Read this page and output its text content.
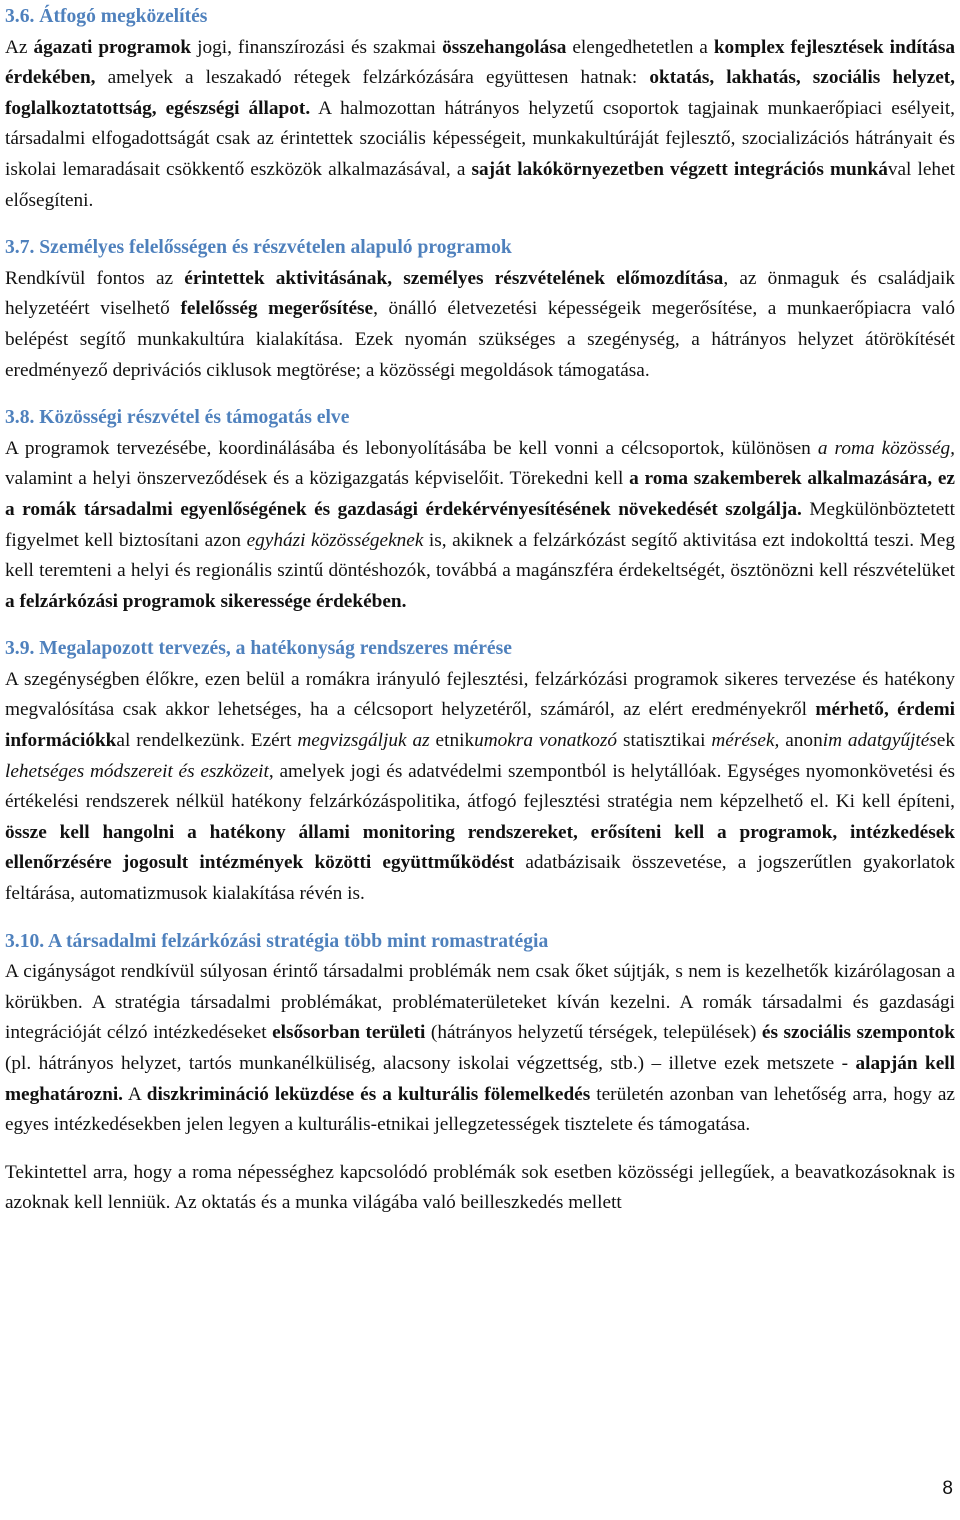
3.6. Átfogó megközelítés

Az ágazati programok jogi, finanszírozási és szakmai összehangolása elengedhetetlen a komplex fejlesztések indítása érdekében, amelyek a leszakadó rétegek felzárkózására együttesen hatnak: oktatás, lakhatás, szociális helyzet, foglalkoztatottság, egészségi állapot. A halmozottan hátrányos helyzetű csoportok tagjainak munkaerőpiaci esélyeit, társadalmi elfogadottságát csak az érintettek szociális képességeit, munkakultúráját fejlesztő, szocializációs hátrányait és iskolai lemaradásait csökkentő eszközök alkalmazásával, a saját lakókörnyezetben végzett integrációs munkával lehet elősegíteni.

3.7. Személyes felelősségen és részvételen alapuló programok

Rendkívül fontos az érintettek aktivitásának, személyes részvételének előmozdítása, az önmaguk és családjaik helyzetéért viselhető felelősség megerősítése, önálló életvezetési képességeik megerősítése, a munkaerőpiacra való belépést segítő munkakultúra kialakítása. Ezek nyomán szükséges a szegénység, a hátrányos helyzet átörökítését eredményező deprivációs ciklusok megtörése; a közösségi megoldások támogatása.

3.8. Közösségi részvétel és támogatás elve

A programok tervezésébe, koordinálásába és lebonyolításába be kell vonni a célcsoportok, különösen a roma közösség, valamint a helyi önszerveződések és a közigazgatás képviselőit. Törekedni kell a roma szakemberek alkalmazására, ez a romák társadalmi egyenlőségének és gazdasági érdekérvényesítésének növekedését szolgálja. Megkülönböztetett figyelmet kell biztosítani azon egyházi közösségeknek is, akiknek a felzárkózást segítő aktivitása ezt indokolttá teszi. Meg kell teremteni a helyi és regionális szintű döntéshozók, továbbá a magánszféra érdekeltségét, ösztönözni kell részvételüket a felzárkózási programok sikeressége érdekében.

3.9. Megalapozott tervezés, a hatékonyság rendszeres mérése

A szegénységben élőkre, ezen belül a romákra irányuló fejlesztési, felzárkózási programok sikeres tervezése és hatékony megvalósítása csak akkor lehetséges, ha a célcsoport helyzetéről, számáról, az elért eredményekről mérhető, érdemi információkkal rendelkezünk. Ezért megvizsgáljuk az etnikumokra vonatkozó statisztikai mérések, anonim adatgyűjtések lehetséges módszereit és eszközeit, amelyek jogi és adatvédelmi szempontból is helytállóak. Egységes nyomonkövetési és értékelési rendszerek nélkül hatékony felzárkózáspolitika, átfogó fejlesztési stratégia nem képzelhető el. Ki kell építeni, össze kell hangolni a hatékony állami monitoring rendszereket, erősíteni kell a programok, intézkedések ellenőrzésére jogosult intézmények közötti együttműködést adatbázisaik összevetése, a jogszerűtlen gyakorlatok feltárása, automatizmusok kialakítása révén is.

3.10. A társadalmi felzárkózási stratégia több mint romastratégia

A cigányságot rendkívül súlyosan érintő társadalmi problémák nem csak őket sújtják, s nem is kezelhetők kizárólagosan a körükben. A stratégia társadalmi problémákat, problématerületeket kíván kezelni. A romák társadalmi és gazdasági integrációját célzó intézkedéseket elsősorban területi (hátrányos helyzetű térségek, települések) és szociális szempontok (pl. hátrányos helyzet, tartós munkanélküliség, alacsony iskolai végzettség, stb.) – illetve ezek metszete - alapján kell meghatározni. A diszkrimináció leküzdése és a kulturális fölemelkedés területén azonban van lehetőség arra, hogy az egyes intézkedésekben jelen legyen a kulturális-etnikai jellegzetességek tisztelete és támogatása.

Tekintettel arra, hogy a roma népességhez kapcsolódó problémák sok esetben közösségi jellegűek, a beavatkozásoknak is azoknak kell lenniük. Az oktatás és a munka világába való beilleszkedés mellett

8
